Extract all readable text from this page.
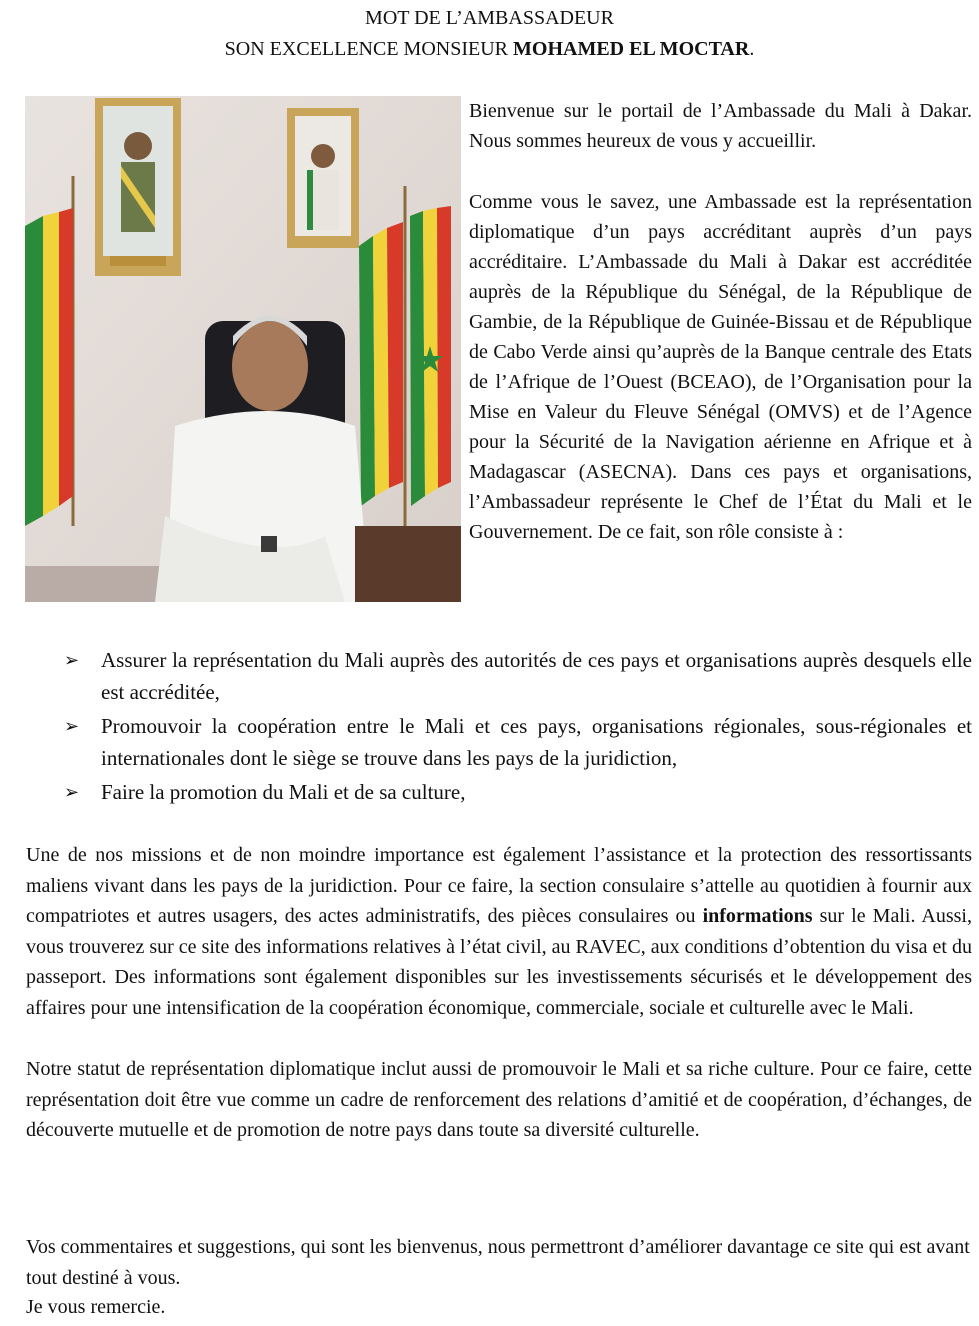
MOT DE L’AMBASSADEUR
SON EXCELLENCE MONSIEUR MOHAMED EL MOCTAR.

Bienvenue sur le portail de l’Ambassade du Mali à Dakar. Nous sommes heureux de vous y accueillir.

Comme vous le savez, une Ambassade est la représentation diplomatique d’un pays accréditant auprès d’un pays accréditaire. L’Ambassade du Mali à Dakar est accréditée auprès de la République du Sénégal, de la République de Gambie, de la République de Guinée-Bissau et de République de Cabo Verde ainsi qu’auprès de la Banque centrale des Etats de l’Afrique de l’Ouest (BCEAO), de l’Organisation pour la Mise en Valeur du Fleuve Sénégal (OMVS) et de l’Agence pour la Sécurité de la Navigation aérienne en Afrique et à Madagascar (ASECNA). Dans ces pays et organisations, l’Ambassadeur représente le Chef de l’État du Mali et le Gouvernement. De ce fait, son rôle consiste à :

➢ Assurer la représentation du Mali auprès des autorités de ces pays et organisations auprès desquels elle est accréditée,
➢ Promouvoir la coopération entre le Mali et ces pays, organisations régionales, sous-régionales et internationales dont le siège se trouve dans les pays de la juridiction,
➢ Faire la promotion du Mali et de sa culture,

Une de nos missions et de non moindre importance est également l’assistance et la protection des ressortissants maliens vivant dans les pays de la juridiction. Pour ce faire, la section consulaire s’attelle au quotidien à fournir aux compatriotes et autres usagers, des actes administratifs, des pièces consulaires ou informations sur le Mali. Aussi, vous trouverez sur ce site des informations relatives à l’état civil, au RAVEC, aux conditions d’obtention du visa et du passeport. Des informations sont également disponibles sur les investissements sécurisés et le développement des affaires pour une intensification de la coopération économique, commerciale, sociale et culturelle avec le Mali.

Notre statut de représentation diplomatique inclut aussi de promouvoir le Mali et sa riche culture. Pour ce faire, cette représentation doit être vue comme un cadre de renforcement des relations d’amitié et de coopération, d’échanges, de découverte mutuelle et de promotion de notre pays dans toute sa diversité culturelle.

Vos commentaires et suggestions, qui sont les bienvenus, nous permettront d’améliorer davantage ce site qui est avant tout destiné à vous.

Je vous remercie.
